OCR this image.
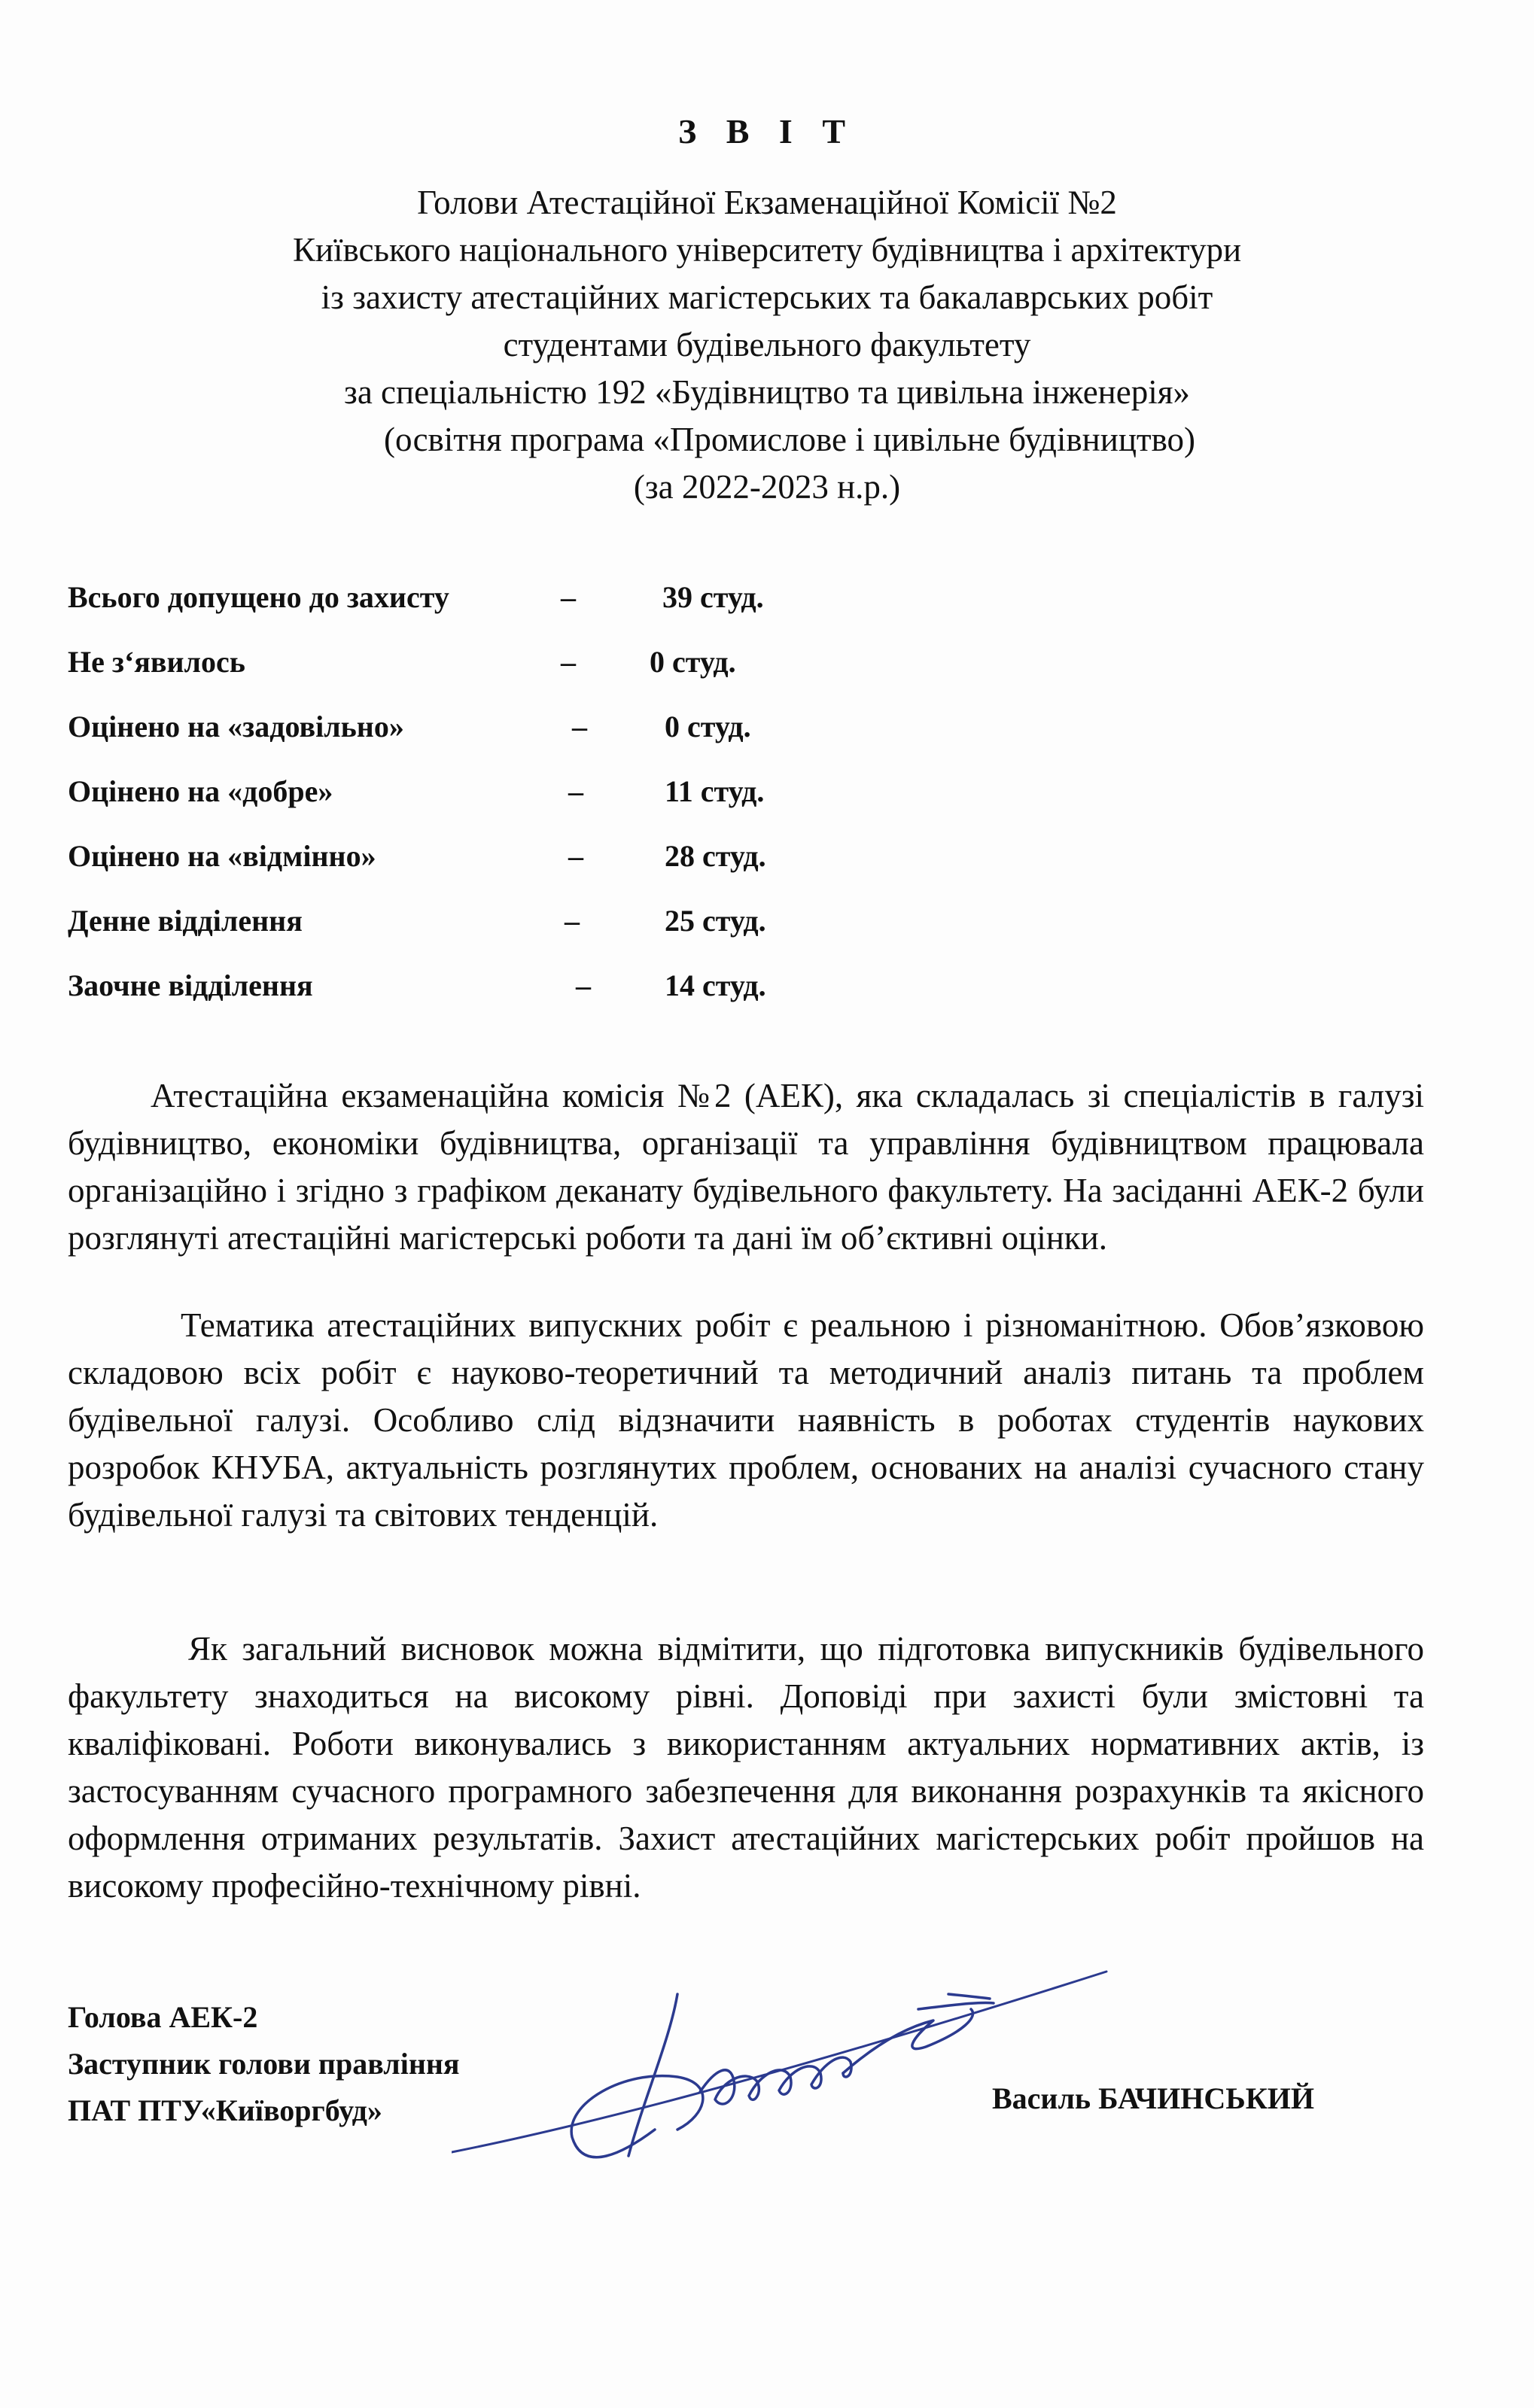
З В І Т
Голови Атестаційної Екзаменаційної Комісії №2
Київського національного університету будівництва і архітектури
із захисту атестаційних магістерських та бакалаврських робіт
студентами будівельного факультету
за спеціальністю 192 «Будівництво та цивільна інженерія»
(освітня програма «Промислове і цивільне будівництво)
(за 2022-2023 н.р.)
Всього допущено до захисту	–	39 студ.
Не з‘явилось	– 0 студ.
Оцінено на «задовільно»	–	0 студ.
Оцінено на «добре»	–	11 студ.
Оцінено на «відмінно»	–	28 студ.
Денне відділення	–	25 студ.
Заочне відділення	– 14 студ.

Атестаційна екзаменаційна комісія №2 (АЕК), яка складалась зі спеціалістів в галузі будівництво, економіки будівництва, організації та управління будівництвом працювала організаційно і згідно з графіком деканату будівельного факультету. На засіданні АЕК-2 були розглянуті атестаційні магістерські роботи та дані їм об’єктивні оцінки.

Тематика атестаційних випускних робіт є реальною і різноманітною. Обов’язковою складовою всіх робіт є науково-теоретичний та методичний аналіз питань та проблем будівельної галузі. Особливо слід відзначити наявність в роботах студентів наукових розробок КНУБА, актуальність розглянутих проблем, основаних на аналізі сучасного стану будівельної галузі та світових тенденцій.

Як загальний висновок можна відмітити, що підготовка випускників будівельного факультету знаходиться на високому рівні. Доповіді при захисті були змістовні та кваліфіковані. Роботи виконувались з використанням актуальних нормативних актів, із застосуванням сучасного програмного забезпечення для виконання розрахунків та якісного оформлення отриманих результатів. Захист атестаційних магістерських робіт пройшов на високому професійно-технічному рівні.

Голова АЕК-2
Заступник голови правління
ПАТ ПТУ«Київоргбуд»	Василь БАЧИНСЬКИЙ
